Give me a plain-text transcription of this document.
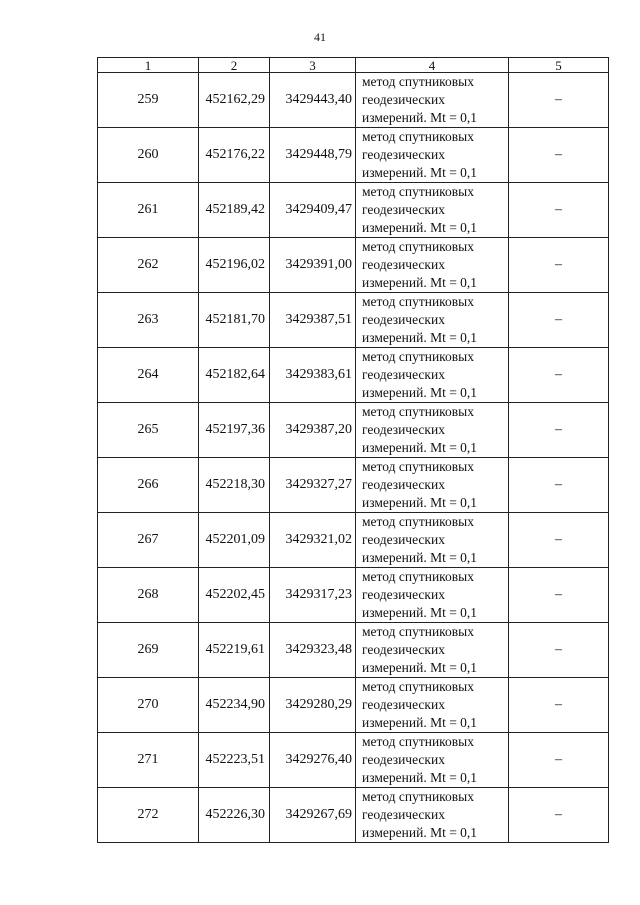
41
1	2	3	4	5
259	452162,29	3429443,40	метод спутниковых
геодезических
измерений. Mt = 0,1	–
260	452176,22	3429448,79	метод спутниковых
геодезических
измерений. Mt = 0,1	–
261	452189,42	3429409,47	метод спутниковых
геодезических
измерений. Mt = 0,1	–
262	452196,02	3429391,00	метод спутниковых
геодезических
измерений. Mt = 0,1	–
263	452181,70	3429387,51	метод спутниковых
геодезических
измерений. Mt = 0,1	–
264	452182,64	3429383,61	метод спутниковых
геодезических
измерений. Mt = 0,1	–
265	452197,36	3429387,20	метод спутниковых
геодезических
измерений. Mt = 0,1	–
266	452218,30	3429327,27	метод спутниковых
геодезических
измерений. Mt = 0,1	–
267	452201,09	3429321,02	метод спутниковых
геодезических
измерений. Mt = 0,1	–
268	452202,45	3429317,23	метод спутниковых
геодезических
измерений. Mt = 0,1	–
269	452219,61	3429323,48	метод спутниковых
геодезических
измерений. Mt = 0,1	–
270	452234,90	3429280,29	метод спутниковых
геодезических
измерений. Mt = 0,1	–
271	452223,51	3429276,40	метод спутниковых
геодезических
измерений. Mt = 0,1	–
272	452226,30	3429267,69	метод спутниковых
геодезических
измерений. Mt = 0,1	–
